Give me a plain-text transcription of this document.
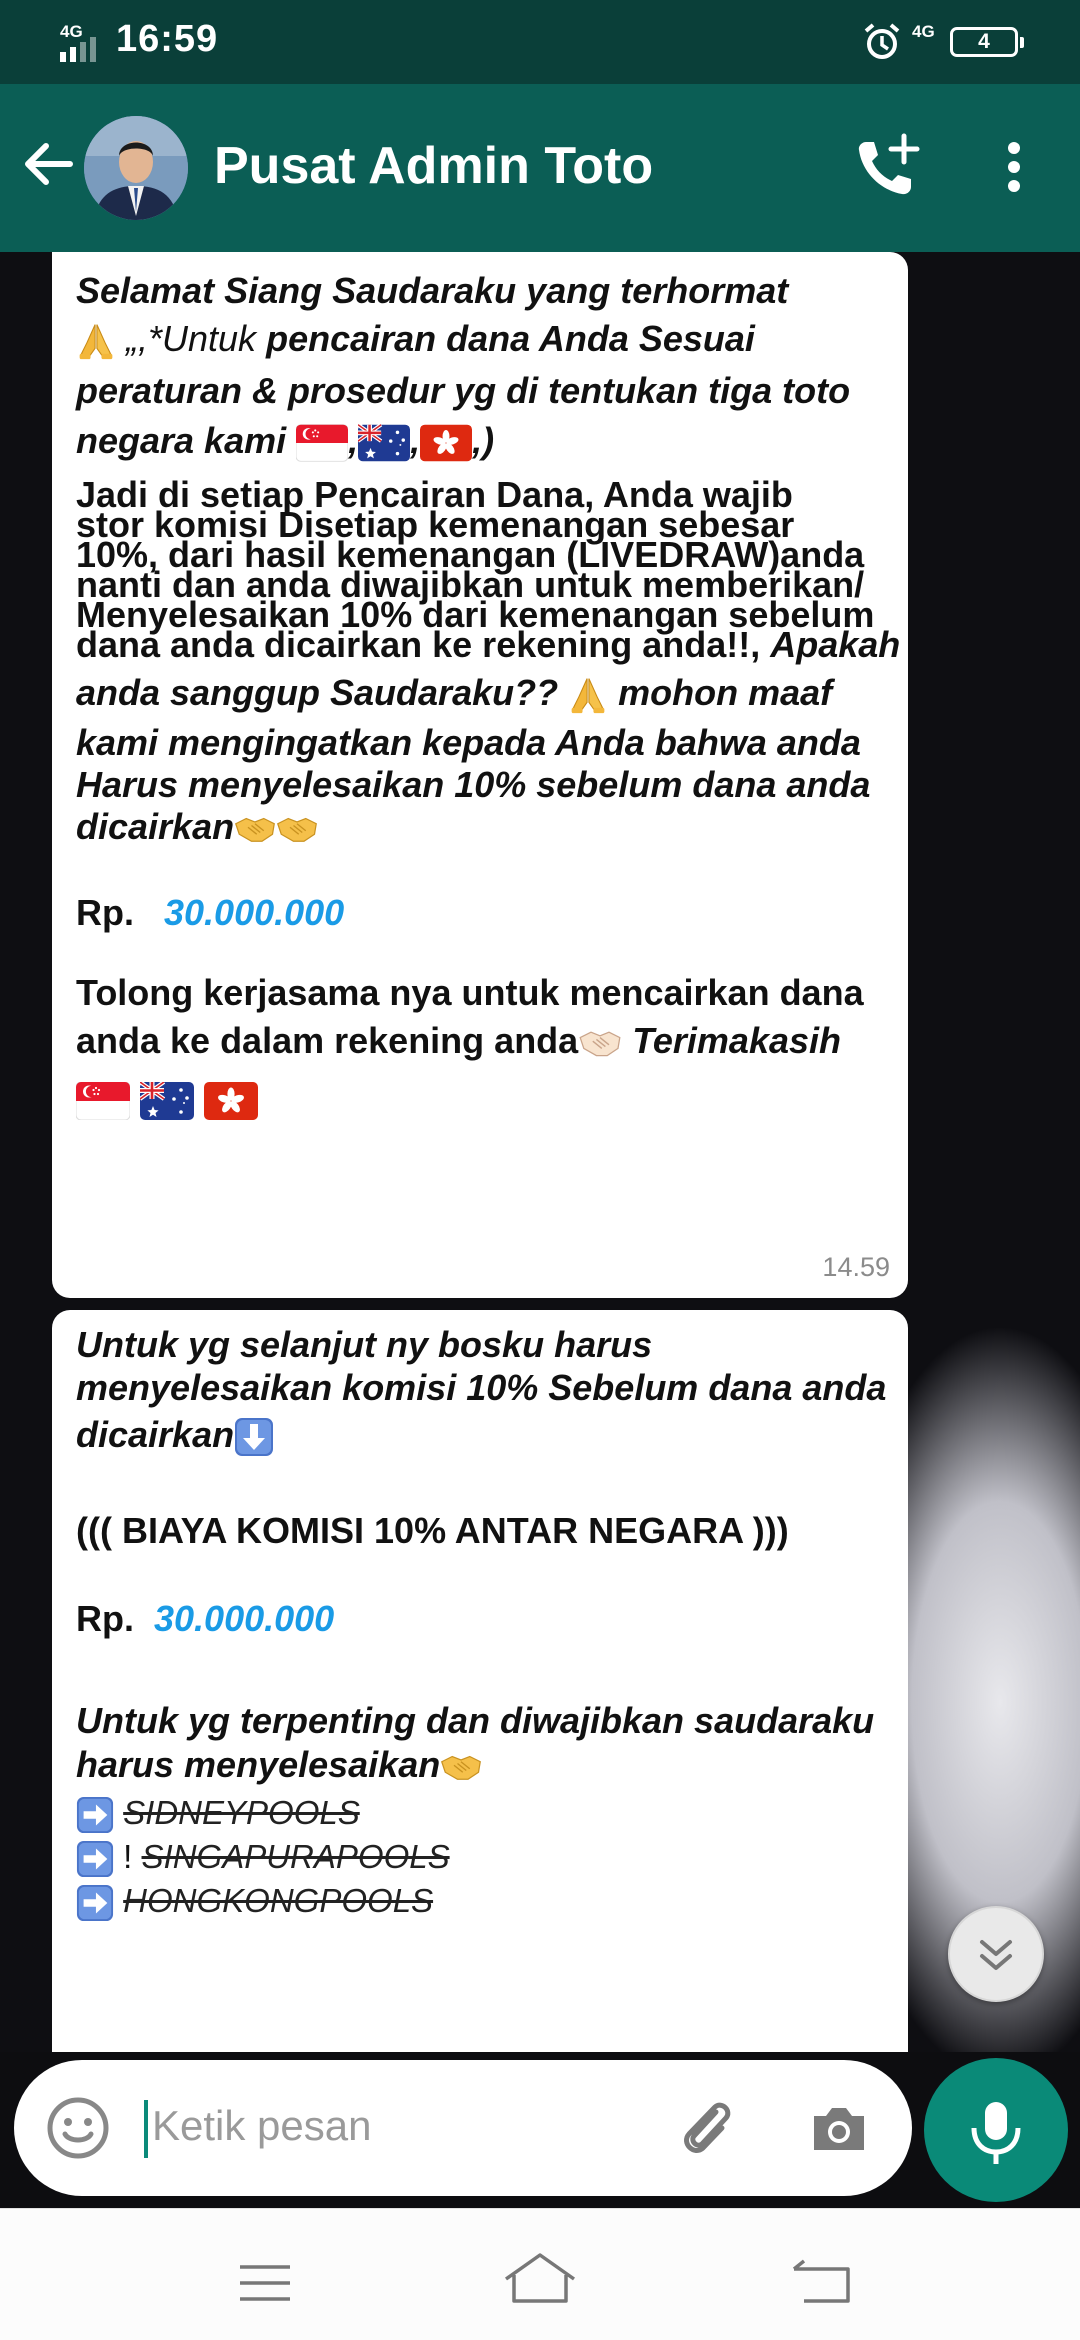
4G 16:59	4G	4
Pusat Admin Toto
Selamat Siang Saudaraku yang terhormat
„,*Untuk pencairan dana Anda Sesuai
peraturan & prosedur yg di tentukan tiga toto
negara kami , , ,)
Jadi di setiap Pencairan Dana, Anda wajib
stor komisi Disetiap kemenangan sebesar
10%, dari hasil kemenangan (LIVEDRAW)anda
nanti dan anda diwajibkan untuk memberikan/
Menyelesaikan 10% dari kemenangan sebelum
dana anda dicairkan ke rekening anda!!, Apakah
anda sanggup Saudaraku?? mohon maaf
kami mengingatkan kepada Anda bahwa anda
Harus menyelesaikan 10% sebelum dana anda
dicairkan
Rp. 30.000.000
Tolong kerjasama nya untuk mencairkan dana
anda ke dalam rekening anda Terimakasih

14.59
Untuk yg selanjut ny bosku harus
menyelesaikan komisi 10% Sebelum dana anda
dicairkan
((( BIAYA KOMISI 10% ANTAR NEGARA )))
Rp. 30.000.000
Untuk yg terpenting dan diwajibkan saudaraku
harus menyelesaikan
SIDNEYPOOLS
! SINGAPURAPOOLS
HONGKONGPOOLS
Ketik pesan
